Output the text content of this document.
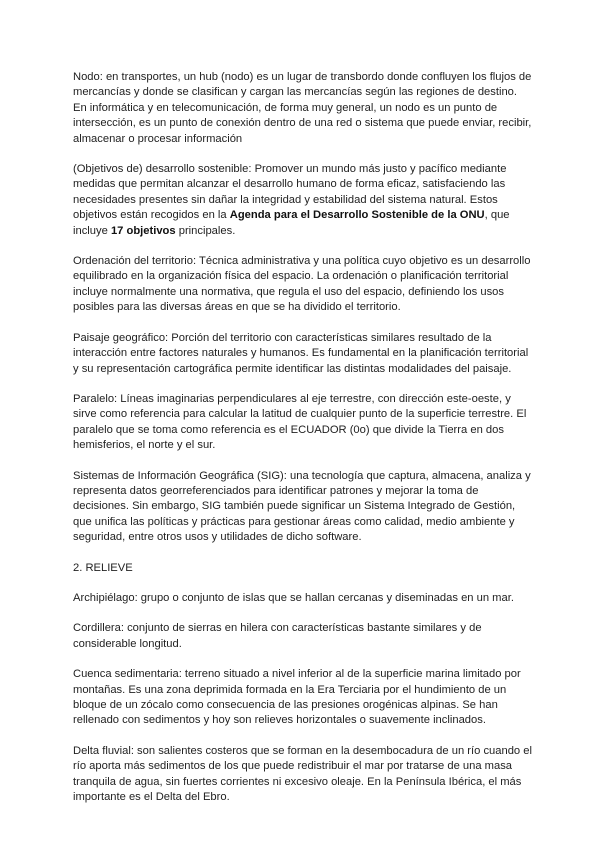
Nodo: en transportes, un hub (nodo) es un lugar de transbordo donde confluyen los flujos de mercancías y donde se clasifican y cargan las mercancías según las regiones de destino. En informática y en telecomunicación, de forma muy general, un nodo es un punto de intersección, es un punto de conexión dentro de una red o sistema que puede enviar, recibir, almacenar o procesar información

(Objetivos de) desarrollo sostenible: Promover un mundo más justo y pacífico mediante medidas que permitan alcanzar el desarrollo humano de forma eficaz, satisfaciendo las necesidades presentes sin dañar la integridad y estabilidad del sistema natural. Estos objetivos están recogidos en la Agenda para el Desarrollo Sostenible de la ONU, que incluye 17 objetivos principales.

Ordenación del territorio: Técnica administrativa y una política cuyo objetivo es un desarrollo equilibrado en la organización física del espacio. La ordenación o planificación territorial incluye normalmente una normativa, que regula el uso del espacio, definiendo los usos posibles para las diversas áreas en que se ha dividido el territorio.

Paisaje geográfico: Porción del territorio con características similares resultado de la interacción entre factores naturales y humanos. Es fundamental en la planificación territorial y su representación cartográfica permite identificar las distintas modalidades del paisaje.

Paralelo: Líneas imaginarias perpendiculares al eje terrestre, con dirección este-oeste, y sirve como referencia para calcular la latitud de cualquier punto de la superficie terrestre. El paralelo que se toma como referencia es el ECUADOR (0o) que divide la Tierra en dos hemisferios, el norte y el sur.

Sistemas de Información Geográfica (SIG): una tecnología que captura, almacena, analiza y representa datos georreferenciados para identificar patrones y mejorar la toma de decisiones. Sin embargo, SIG también puede significar un Sistema Integrado de Gestión, que unifica las políticas y prácticas para gestionar áreas como calidad, medio ambiente y seguridad, entre otros usos y utilidades de dicho software.

2. RELIEVE

Archipiélago: grupo o conjunto de islas que se hallan cercanas y diseminadas en un mar.

Cordillera: conjunto de sierras en hilera con características bastante similares y de considerable longitud.

Cuenca sedimentaria: terreno situado a nivel inferior al de la superficie marina limitado por montañas. Es una zona deprimida formada en la Era Terciaria por el hundimiento de un bloque de un zócalo como consecuencia de las presiones orogénicas alpinas. Se han rellenado con sedimentos y hoy son relieves horizontales o suavemente inclinados.

Delta fluvial: son salientes costeros que se forman en la desembocadura de un río cuando el río aporta más sedimentos de los que puede redistribuir el mar por tratarse de una masa tranquila de agua, sin fuertes corrientes ni excesivo oleaje. En la Península Ibérica, el más importante es el Delta del Ebro.
